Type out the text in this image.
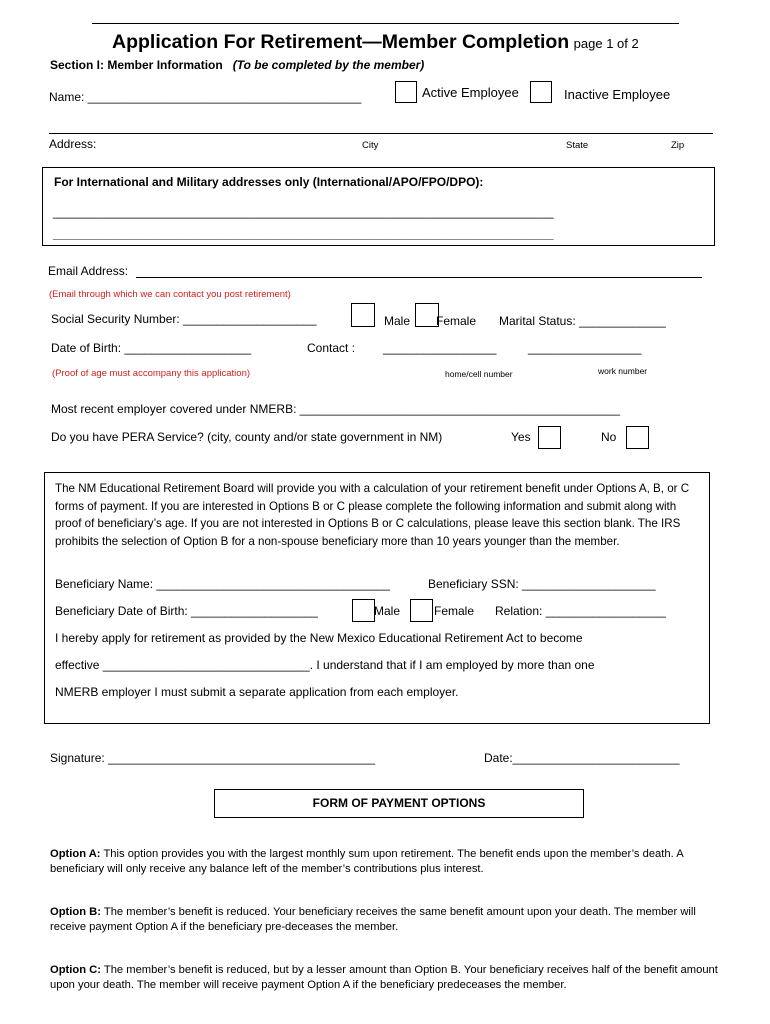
Application For Retirement—Member Completion page 1 of 2
Section I: Member Information (To be completed by the member)
Name: _________________________________________	Active Employee	Inactive Employee
Address:	City	State	Zip
For International and Military addresses only (International/APO/FPO/DPO):
___________________________________________________________________________
___________________________________________________________________________
Email Address:
(Email through which we can contact you post retirement)
Social Security Number: ____________________	Male Female Marital Status: _____________
Date of Birth: ___________________	Contact : _________________	_________________
(Proof of age must accompany this application)	home/cell number	work number
Most recent employer covered under NMERB: ________________________________________________
Do you have PERA Service? (city, county and/or state government in NM)	Yes	No

The NM Educational Retirement Board will provide you with a calculation of your retirement benefit under Options A, B, or C forms of payment. If you are interested in Options B or C please complete the following information and submit along with proof of beneficiary’s age. If you are not interested in Options B or C calculations, please leave this section blank. The IRS prohibits the selection of Option B for a non-spouse beneficiary more than 10 years younger than the member.

Beneficiary Name: ___________________________________	Beneficiary SSN: ____________________
Beneficiary Date of Birth: ___________________	Male	Female Relation: __________________
I hereby apply for retirement as provided by the New Mexico Educational Retirement Act to become
effective _______________________________. I understand that if I am employed by more than one
NMERB employer I must submit a separate application from each employer.
Signature: ________________________________________	Date:_________________________
FORM OF PAYMENT OPTIONS

Option A: This option provides you with the largest monthly sum upon retirement. The benefit ends upon the member’s death. A beneficiary will only receive any balance left of the member’s contributions plus interest.

Option B: The member’s benefit is reduced. Your beneficiary receives the same benefit amount upon your death. The member will receive payment Option A if the beneficiary pre-deceases the member.

Option C: The member’s benefit is reduced, but by a lesser amount than Option B. Your beneficiary receives half of the benefit amount upon your death. The member will receive payment Option A if the beneficiary predeceases the member.
